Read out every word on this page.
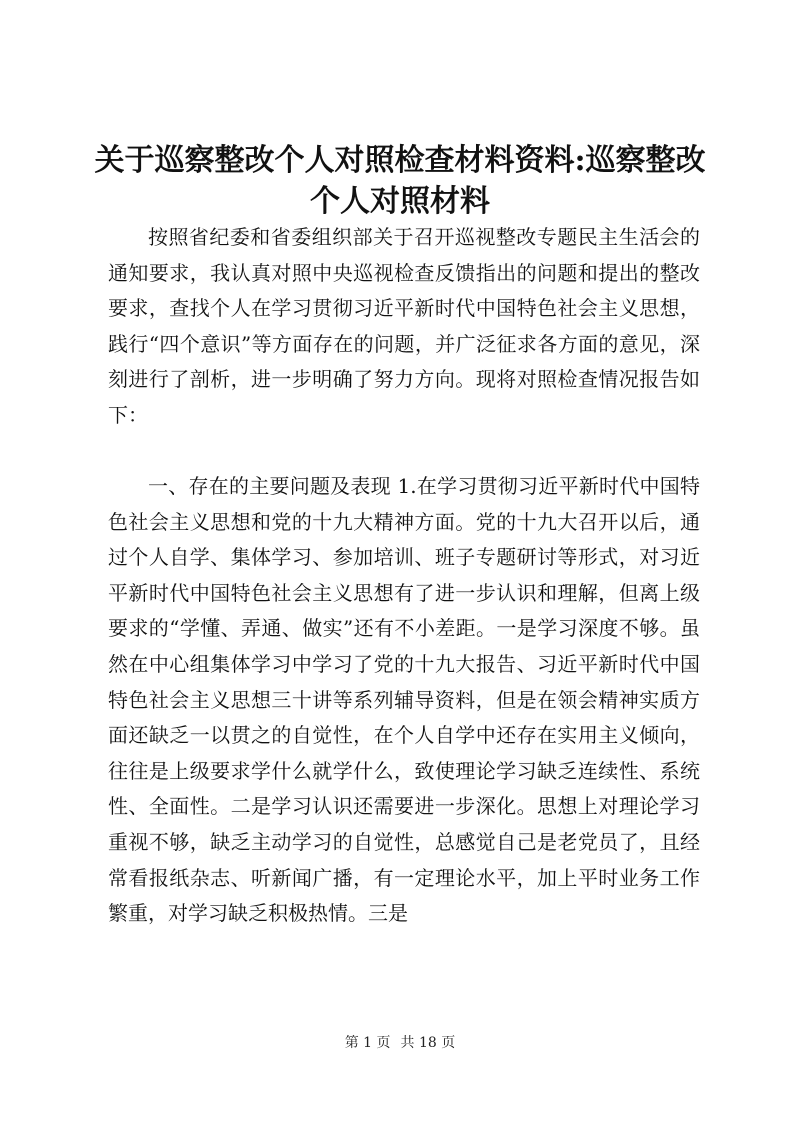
关于巡察整改个人对照检查材料资料:巡察整改个人对照材料

按照省纪委和省委组织部关于召开巡视整改专题民主生活会的通知要求，我认真对照中央巡视检查反馈指出的问题和提出的整改要求，查找个人在学习贯彻习近平新时代中国特色社会主义思想，践行“四个意识”等方面存在的问题，并广泛征求各方面的意见，深刻进行了剖析，进一步明确了努力方向。现将对照检查情况报告如下：

一、存在的主要问题及表现 1.在学习贯彻习近平新时代中国特色社会主义思想和党的十九大精神方面。党的十九大召开以后，通过个人自学、集体学习、参加培训、班子专题研讨等形式，对习近平新时代中国特色社会主义思想有了进一步认识和理解，但离上级要求的“学懂、弄通、做实”还有不小差距。一是学习深度不够。虽然在中心组集体学习中学习了党的十九大报告、习近平新时代中国特色社会主义思想三十讲等系列辅导资料，但是在领会精神实质方面还缺乏一以贯之的自觉性，在个人自学中还存在实用主义倾向，往往是上级要求学什么就学什么，致使理论学习缺乏连续性、系统性、全面性。二是学习认识还需要进一步深化。思想上对理论学习重视不够，缺乏主动学习的自觉性，总感觉自己是老党员了，且经常看报纸杂志、听新闻广播，有一定理论水平，加上平时业务工作繁重，对学习缺乏积极热情。三是

第 1 页 共 18 页
